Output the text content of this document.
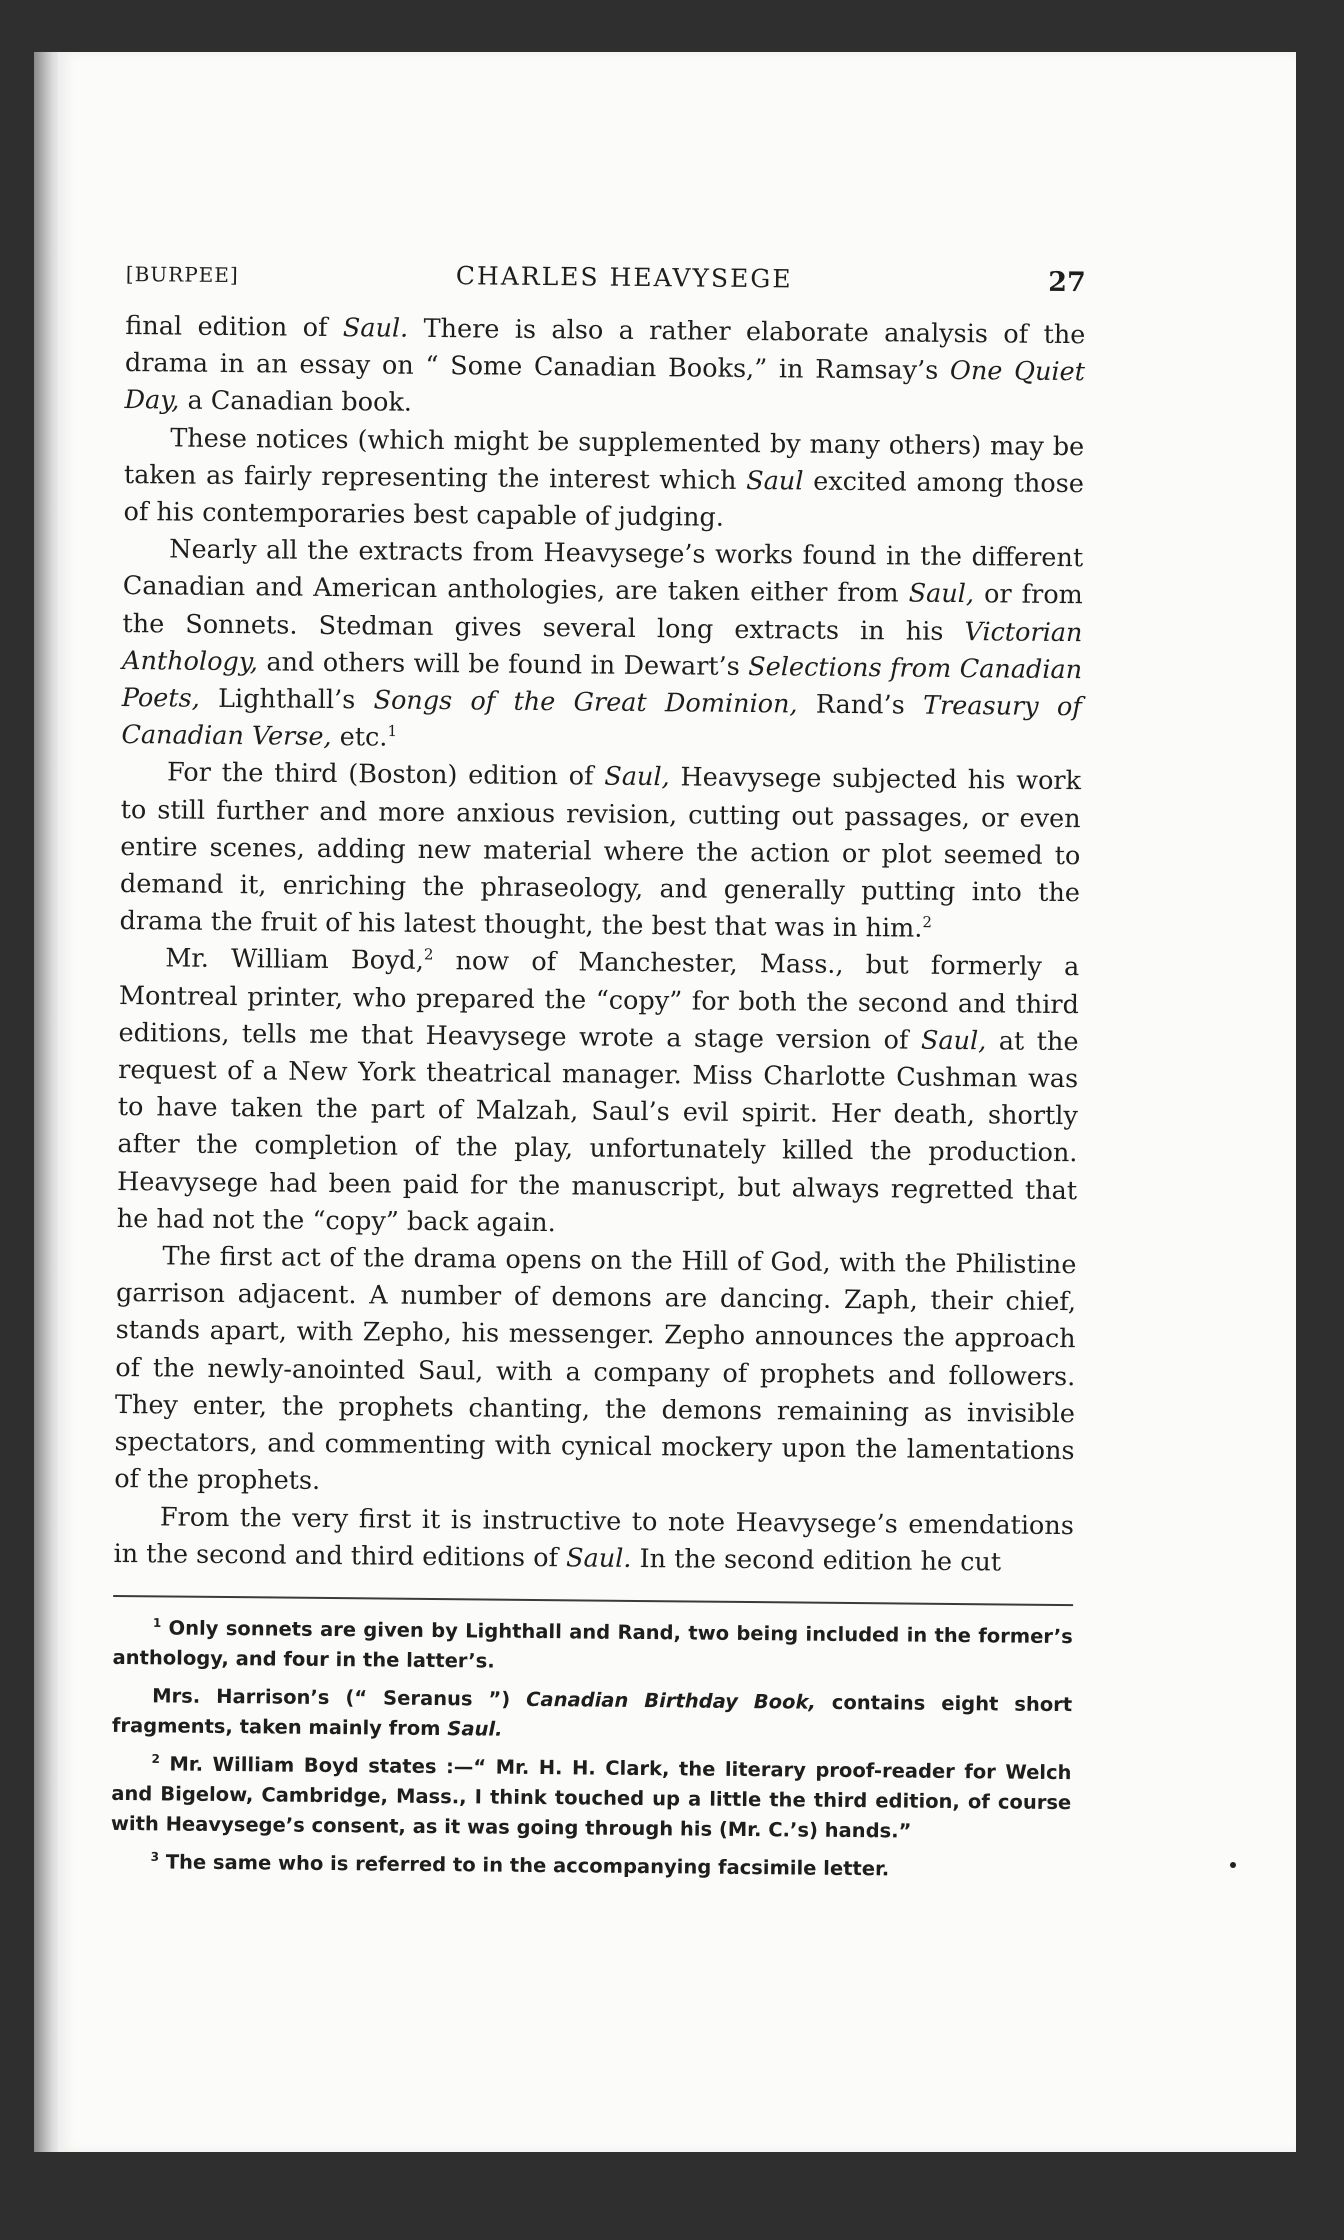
[BURPEE]	CHARLES HEAVYSEGE	27

final edition of Saul. There is also a rather elaborate analysis of the drama in an essay on “ Some Canadian Books,” in Ramsay’s One Quiet Day, a Canadian book.

These notices (which might be supplemented by many others) may be taken as fairly representing the interest which Saul excited among those of his contemporaries best capable of judging.

Nearly all the extracts from Heavysege’s works found in the different Canadian and American anthologies, are taken either from Saul, or from the Sonnets. Stedman gives several long extracts in his Victorian Anthology, and others will be found in Dewart’s Selections from Canadian Poets, Lighthall’s Songs of the Great Dominion, Rand’s Treasury of Canadian Verse, etc.$^1$

For the third (Boston) edition of Saul, Heavysege subjected his work to still further and more anxious revision, cutting out passages, or even entire scenes, adding new material where the action or plot seemed to demand it, enriching the phraseology, and generally putting into the drama the fruit of his latest thought, the best that was in him.$^2$

Mr. William Boyd,$^2$ now of Manchester, Mass., but formerly a Montreal printer, who prepared the “copy” for both the second and third editions, tells me that Heavysege wrote a stage version of Saul, at the request of a New York theatrical manager. Miss Charlotte Cushman was to have taken the part of Malzah, Saul’s evil spirit. Her death, shortly after the completion of the play, unfortunately killed the production. Heavysege had been paid for the manuscript, but always regretted that he had not the “copy” back again.

The first act of the drama opens on the Hill of God, with the Philistine garrison adjacent. A number of demons are dancing. Zaph, their chief, stands apart, with Zepho, his messenger. Zepho announces the approach of the newly-anointed Saul, with a company of prophets and followers. They enter, the prophets chanting, the demons remaining as invisible spectators, and commenting with cynical mockery upon the lamentations of the prophets.

From the very first it is instructive to note Heavysege’s emendations in the second and third editions of Saul. In the second edition he cut

$^1$ Only sonnets are given by Lighthall and Rand, two being included in the former’s anthology, and four in the latter’s.

Mrs. Harrison’s (“ Seranus ”) Canadian Birthday Book, contains eight short fragments, taken mainly from Saul.

$^2$ Mr. William Boyd states :—“ Mr. H. H. Clark, the literary proof-reader for Welch and Bigelow, Cambridge, Mass., I think touched up a little the third edition, of course with Heavysege’s consent, as it was going through his (Mr. C.’s) hands.”

$^3$ The same who is referred to in the accompanying facsimile letter.
